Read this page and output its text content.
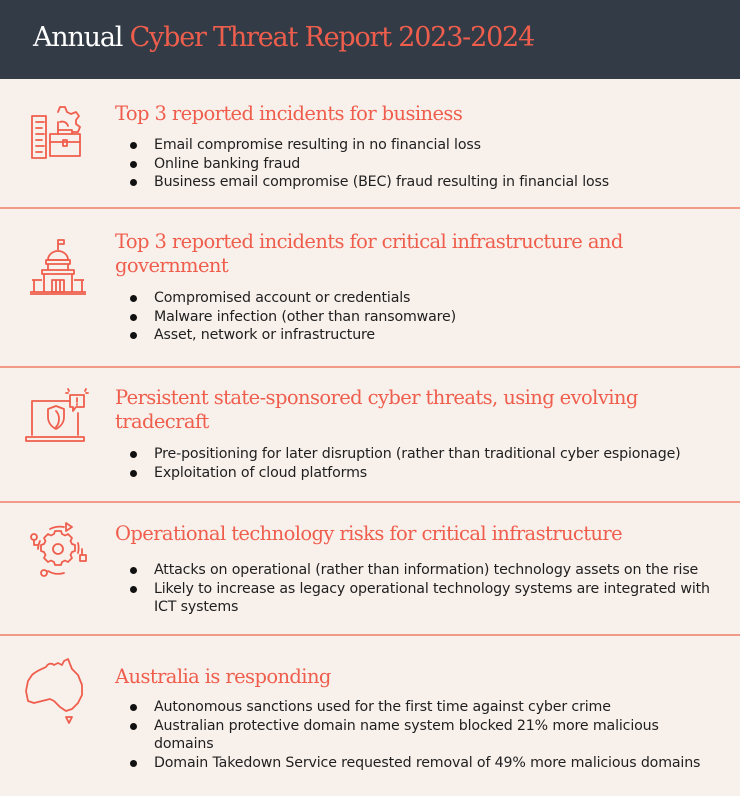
Annual Cyber Threat Report 2023-2024
Top 3 reported incidents for business
Email compromise resulting in no financial loss
Online banking fraud
Business email compromise (BEC) fraud resulting in financial loss
Top 3 reported incidents for critical infrastructure and government
Compromised account or credentials
Malware infection (other than ransomware)
Asset, network or infrastructure
Persistent state-sponsored cyber threats, using evolving tradecraft
Pre-positioning for later disruption (rather than traditional cyber espionage)
Exploitation of cloud platforms
Operational technology risks for critical infrastructure
Attacks on operational (rather than information) technology assets on the rise
Likely to increase as legacy operational technology systems are integrated with ICT systems
Australia is responding
Autonomous sanctions used for the first time against cyber crime
Australian protective domain name system blocked 21% more malicious domains
Domain Takedown Service requested removal of 49% more malicious domains
